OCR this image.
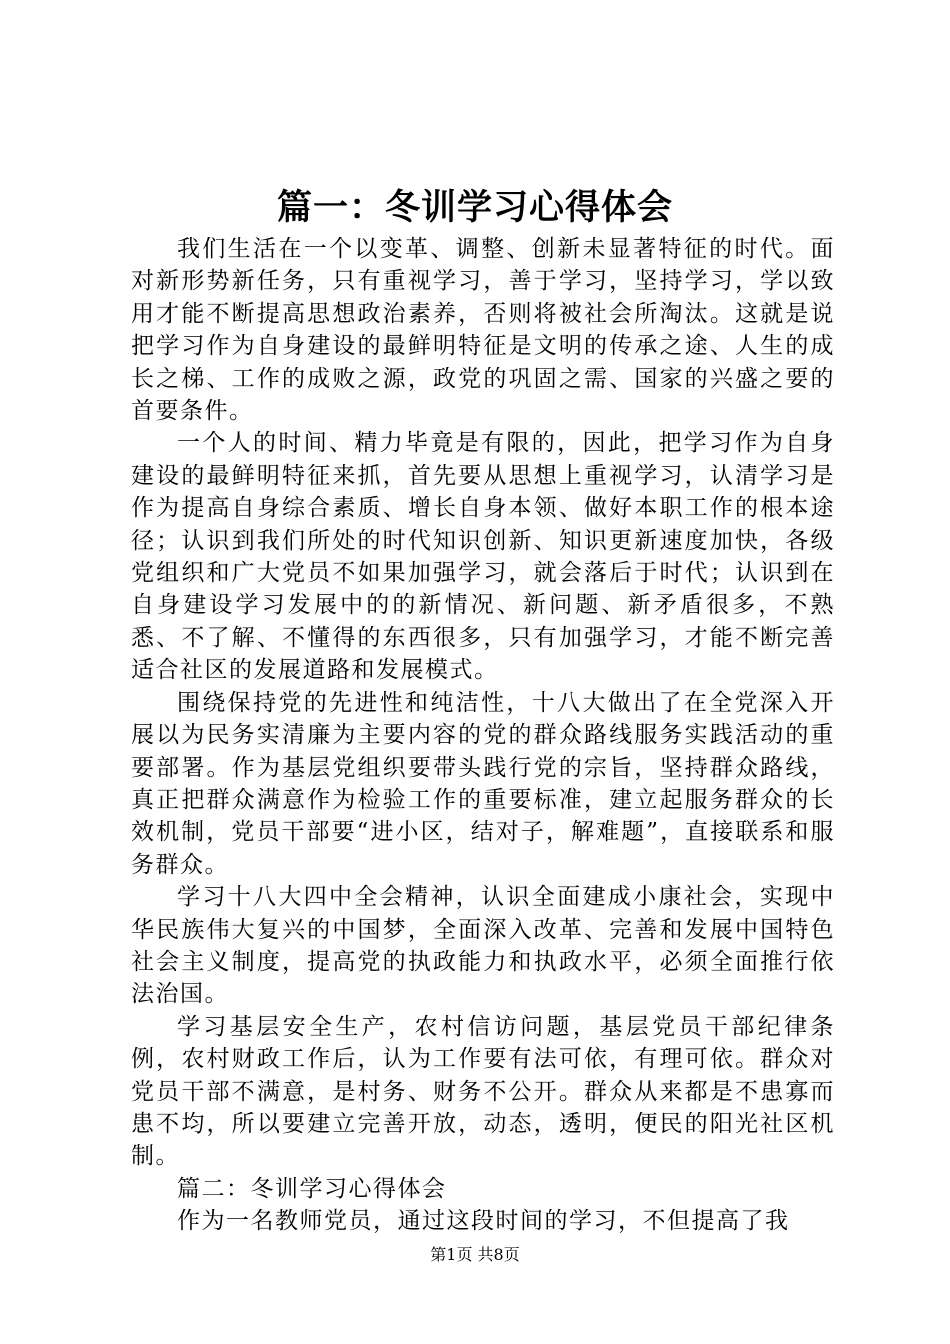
篇一：冬训学习心得体会

我们生活在一个以变革、调整、创新未显著特征的时代。面对新形势新任务，只有重视学习，善于学习，坚持学习，学以致用才能不断提高思想政治素养，否则将被社会所淘汰。这就是说把学习作为自身建设的最鲜明特征是文明的传承之途、人生的成长之梯、工作的成败之源，政党的巩固之需、国家的兴盛之要的首要条件。

一个人的时间、精力毕竟是有限的，因此，把学习作为自身建设的最鲜明特征来抓，首先要从思想上重视学习，认清学习是作为提高自身综合素质、增长自身本领、做好本职工作的根本途径；认识到我们所处的时代知识创新、知识更新速度加快，各级党组织和广大党员不如果加强学习，就会落后于时代；认识到在自身建设学习发展中的的新情况、新问题、新矛盾很多，不熟悉、不了解、不懂得的东西很多，只有加强学习，才能不断完善适合社区的发展道路和发展模式。

围绕保持党的先进性和纯洁性，十八大做出了在全党深入开展以为民务实清廉为主要内容的党的群众路线服务实践活动的重要部署。作为基层党组织要带头践行党的宗旨，坚持群众路线，真正把群众满意作为检验工作的重要标准，建立起服务群众的长效机制，党员干部要“进小区，结对子，解难题”，直接联系和服务群众。

学习十八大四中全会精神，认识全面建成小康社会，实现中华民族伟大复兴的中国梦，全面深入改革、完善和发展中国特色社会主义制度，提高党的执政能力和执政水平，必须全面推行依法治国。

学习基层安全生产，农村信访问题，基层党员干部纪律条例，农村财政工作后，认为工作要有法可依，有理可依。群众对党员干部不满意，是村务、财务不公开。群众从来都是不患寡而患不均，所以要建立完善开放，动态，透明，便民的阳光社区机制。

篇二：冬训学习心得体会

作为一名教师党员，通过这段时间的学习，不但提高了我

第1页 共8页
